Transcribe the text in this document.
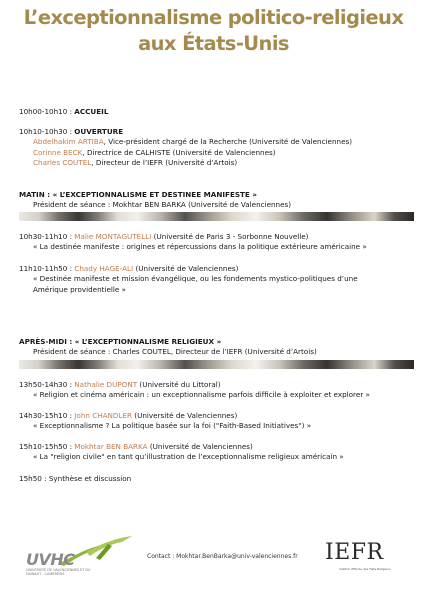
L’exceptionnalisme politico-religieux
aux États-Unis
10h00-10h10 : ACCUEIL
10h10-10h30 : OUVERTURE
Abdelhakim ARTIBA, Vice-président chargé de la Recherche (Université de Valenciennes)
Corinne BECK, Directrice de CALHISTE (Université de Valenciennes)
Charles COUTEL, Directeur de l’IEFR (Université d’Artois)
MATIN : « L’EXCEPTIONNALISME ET DESTINEE MANIFESTE »
Président de séance : Mokhtar BEN BARKA (Université de Valenciennes)
10h30-11h10 : Malie MONTAGUTELLI (Université de Paris 3 - Sorbonne Nouvelle)
« La destinée manifeste : origines et répercussions dans la politique extérieure américaine »
11h10-11h50 : Chady HAGE-ALI (Université de Valenciennes)
« Destinée manifeste et mission évangélique, ou les fondements mystico-politiques d’une Amérique providentielle »
APRÈS-MIDI : « L’EXCEPTIONNALISME RELIGIEUX »
Président de séance : Charles COUTEL, Directeur de l’IEFR (Université d’Artois)
13h50-14h30 : Nathalie DUPONT (Université du Littoral)
« Religion et cinéma américain : un exceptionnalisme parfois difficile à exploiter et explorer »
14h30-15h10 : John CHANDLER (Université de Valenciennes)
« Exceptionnalisme ? La politique basée sur la foi ("Faith-Based Initiatives") »
15h10-15h50 : Mokhtar BEN BARKA (Université de Valenciennes)
« La "religion civile" en tant qu’illustration de l’exceptionnalisme religieux américain »
15h50 : Synthèse et discussion
UVHC
UNIVERSITÉ DE VALENCIENNES ET DU HAINAUT - CAMBRÉSIS
Contact : Mokhtar.BenBarka@univ-valenciennes.fr IEFR
Institut d'Étude des Faits Religieux
